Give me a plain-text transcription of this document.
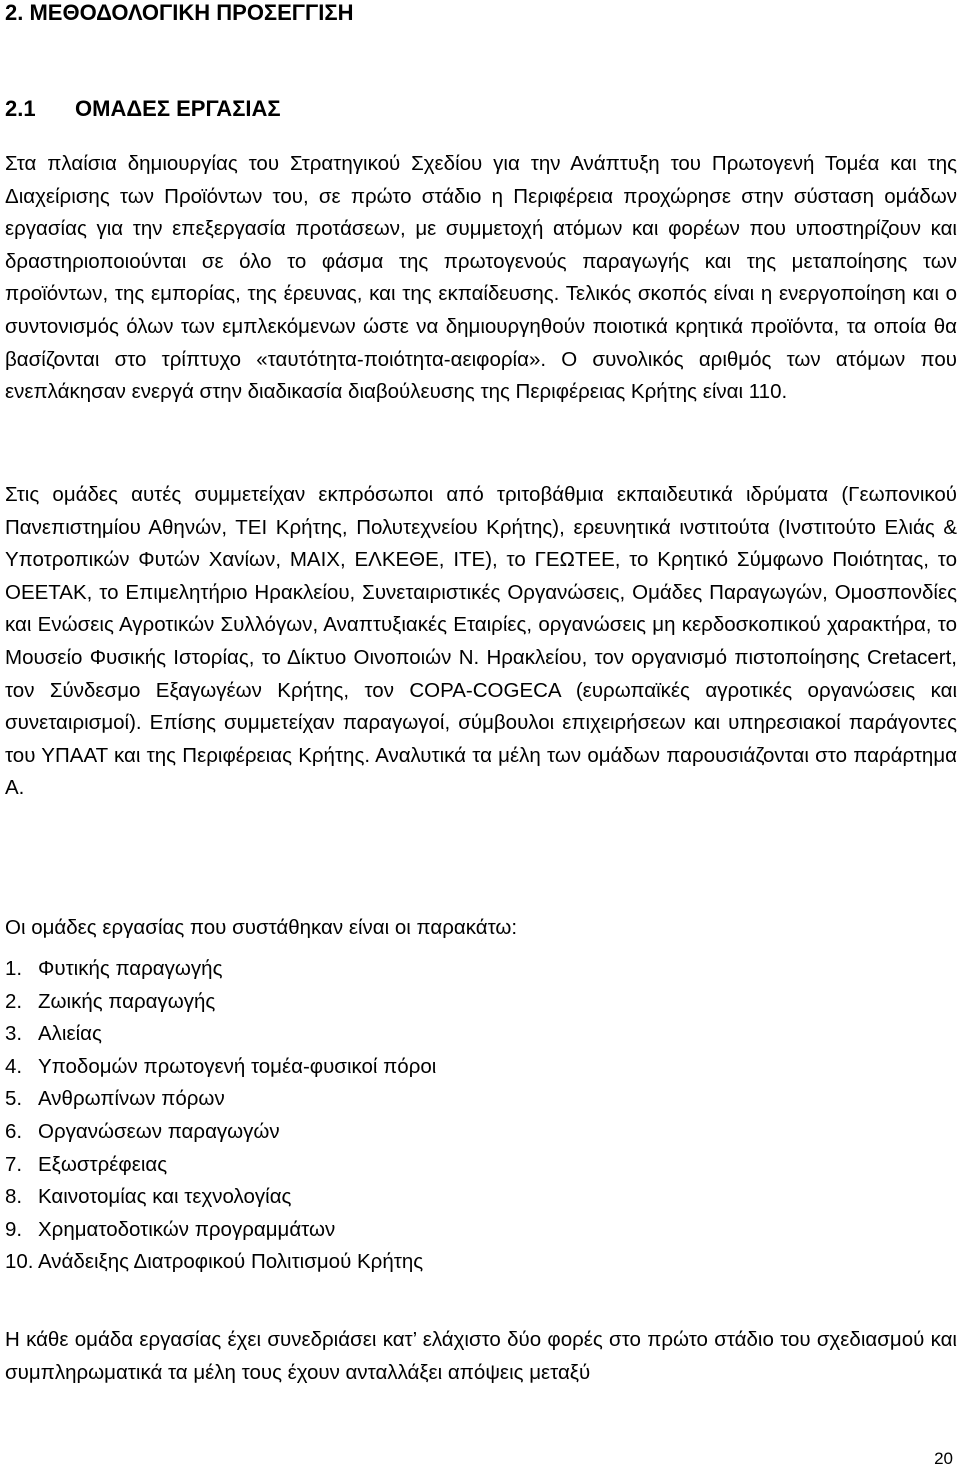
2. ΜΕΘΟΔΟΛΟΓΙΚΗ ΠΡΟΣΕΓΓΙΣΗ
2.1 ΟΜΑΔΕΣ ΕΡΓΑΣΙΑΣ

Στα πλαίσια δημιουργίας του Στρατηγικού Σχεδίου για την Ανάπτυξη του Πρωτογενή Τομέα και της Διαχείρισης των Προϊόντων του, σε πρώτο στάδιο η Περιφέρεια προχώρησε στην σύσταση ομάδων εργασίας για την επεξεργασία προτάσεων, με συμμετοχή ατόμων και φορέων που υποστηρίζουν και δραστηριοποιούνται σε όλο το φάσμα της πρωτογενούς παραγωγής και της μεταποίησης των προϊόντων, της εμπορίας, της έρευνας, και της εκπαίδευσης. Τελικός σκοπός είναι η ενεργοποίηση και ο συντονισμός όλων των εμπλεκόμενων ώστε να δημιουργηθούν ποιοτικά κρητικά προϊόντα, τα οποία θα βασίζονται στο τρίπτυχο «ταυτότητα-ποιότητα-αειφορία». Ο συνολικός αριθμός των ατόμων που ενεπλάκησαν ενεργά στην διαδικασία διαβούλευσης της Περιφέρειας Κρήτης είναι 110.

Στις ομάδες αυτές συμμετείχαν εκπρόσωποι από τριτοβάθμια εκπαιδευτικά ιδρύματα (Γεωπονικού Πανεπιστημίου Αθηνών, ΤΕΙ Κρήτης, Πολυτεχνείου Κρήτης), ερευνητικά ινστιτούτα (Ινστιτούτο Ελιάς & Υποτροπικών Φυτών Χανίων, ΜΑΙΧ, ΕΛΚΕΘΕ, ΙΤΕ), το ΓΕΩΤΕΕ, το Κρητικό Σύμφωνο Ποιότητας, το ΟΕΕΤΑΚ, το Επιμελητήριο Ηρακλείου, Συνεταιριστικές Οργανώσεις, Ομάδες Παραγωγών, Ομοσπονδίες και Ενώσεις Αγροτικών Συλλόγων, Αναπτυξιακές Εταιρίες, οργανώσεις μη κερδοσκοπικού χαρακτήρα, το Μουσείο Φυσικής Ιστορίας, το Δίκτυο Οινοποιών Ν. Ηρακλείου, τον οργανισμό πιστοποίησης Cretacert, τον Σύνδεσμο Εξαγωγέων Κρήτης, τον COPA-COGECA (ευρωπαϊκές αγροτικές οργανώσεις και συνεταιρισμοί). Επίσης συμμετείχαν παραγωγοί, σύμβουλοι επιχειρήσεων και υπηρεσιακοί παράγοντες του ΥΠΑΑΤ και της Περιφέρειας Κρήτης. Αναλυτικά τα μέλη των ομάδων παρουσιάζονται στο παράρτημα Α.

Οι ομάδες εργασίας που συστάθηκαν είναι οι παρακάτω:

1. Φυτικής παραγωγής
2. Ζωικής παραγωγής
3. Αλιείας
4. Υποδομών πρωτογενή τομέα-φυσικοί πόροι
5. Ανθρωπίνων πόρων
6. Οργανώσεων παραγωγών
7. Εξωστρέφειας
8. Καινοτομίας και τεχνολογίας
9. Χρηματοδοτικών προγραμμάτων
10. Ανάδειξης Διατροφικού Πολιτισμού Κρήτης

Η κάθε ομάδα εργασίας έχει συνεδριάσει κατ’ ελάχιστο δύο φορές στο πρώτο στάδιο του σχεδιασμού και συμπληρωματικά τα μέλη τους έχουν ανταλλάξει απόψεις μεταξύ

20
